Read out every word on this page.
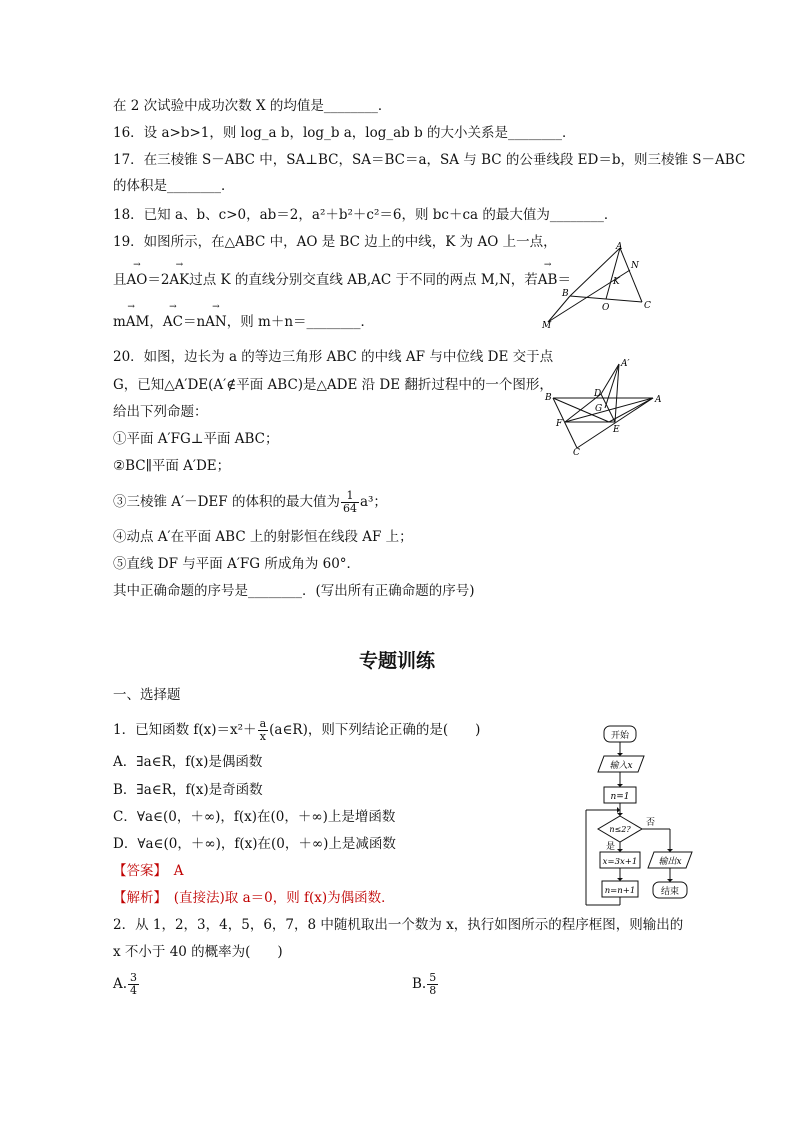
在 2 次试验中成功次数 X 的均值是________．
16．设 a>b>1，则 log_a b，log_b a，log_ab b 的大小关系是________．
17．在三棱锥 S－ABC 中，SA⊥BC，SA＝BC＝a，SA 与 BC 的公垂线段 ED＝b，则三棱锥 S－ABC
的体积是________．
18．已知 a、b、c>0，ab＝2，a²＋b²＋c²＝6，则 bc＋ca 的最大值为________．
19．如图所示，在△ABC 中，AO 是 BC 边上的中线，K 为 AO 上一点，
且→ AO＝2→ AK过点 K 的直线分别交直线 AB,AC 于不同的两点 M,N，若→ AB＝
→ mAM，→ AC＝n→ AN，则 m＋n＝________．
A
N
K
B
O	C
M
20．如图，边长为 a 的等边三角形 ABC 的中线 AF 与中位线 DE 交于点
G，已知△A′DE(A′∉平面 ABC)是△ADE 沿 DE 翻折过程中的一个图形，
给出下列命题：
①平面 A′FG⊥平面 ABC；
②BC∥平面 A′DE；
③三棱锥 A′－DEF 的体积的最大值为 $\frac{1}{64} a^3$；
④动点 A′在平面 ABC 上的射影恒在线段 AF 上；
⑤直线 DF 与平面 A′FG 所成角为 60°．
其中正确命题的序号是________．(写出所有正确命题的序号)
A′
D
G
B	A
F
E
C
专题训练
一、选择题
1．已知函数 $f(x)=x^2+ \frac{a}{x}$ (a∈R)，则下列结论正确的是(　　)
A．∃a∈R，f(x)是偶函数
B．∃a∈R，f(x)是奇函数
C．∀a∈(0，＋∞)，f(x)在(0，＋∞)上是增函数
D．∀a∈(0，＋∞)，f(x)在(0，＋∞)上是减函数
【答案】　A
【解析】　(直接法)取 a＝0，则 f(x)为偶函数．
2．从 1，2，3，4，5，6，7，8 中随机取出一个数为 x，执行如图所示的程序框图，则输出的
x 不小于 40 的概率为(　　)
A. $\frac{3}{4}$	B. $\frac{5}{8}$
开始
输入x
n=1
n≤2?
否
是
x=3x+1 输出x
n=n+1	结束
